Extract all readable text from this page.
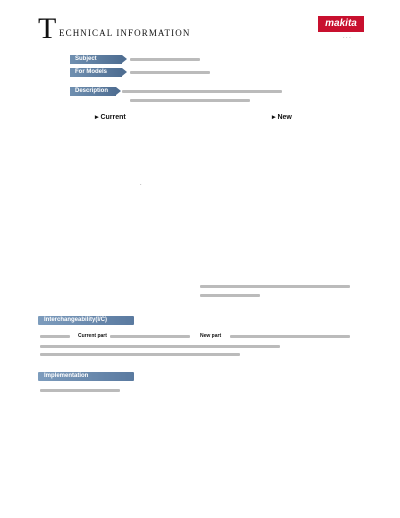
T ECHNICAL INFORMATION
makita
· · ·
Subject
For Models
Description
▸ Current	▸ New
·
Interchangeability(I/C)
Current part	New part
Implementation
